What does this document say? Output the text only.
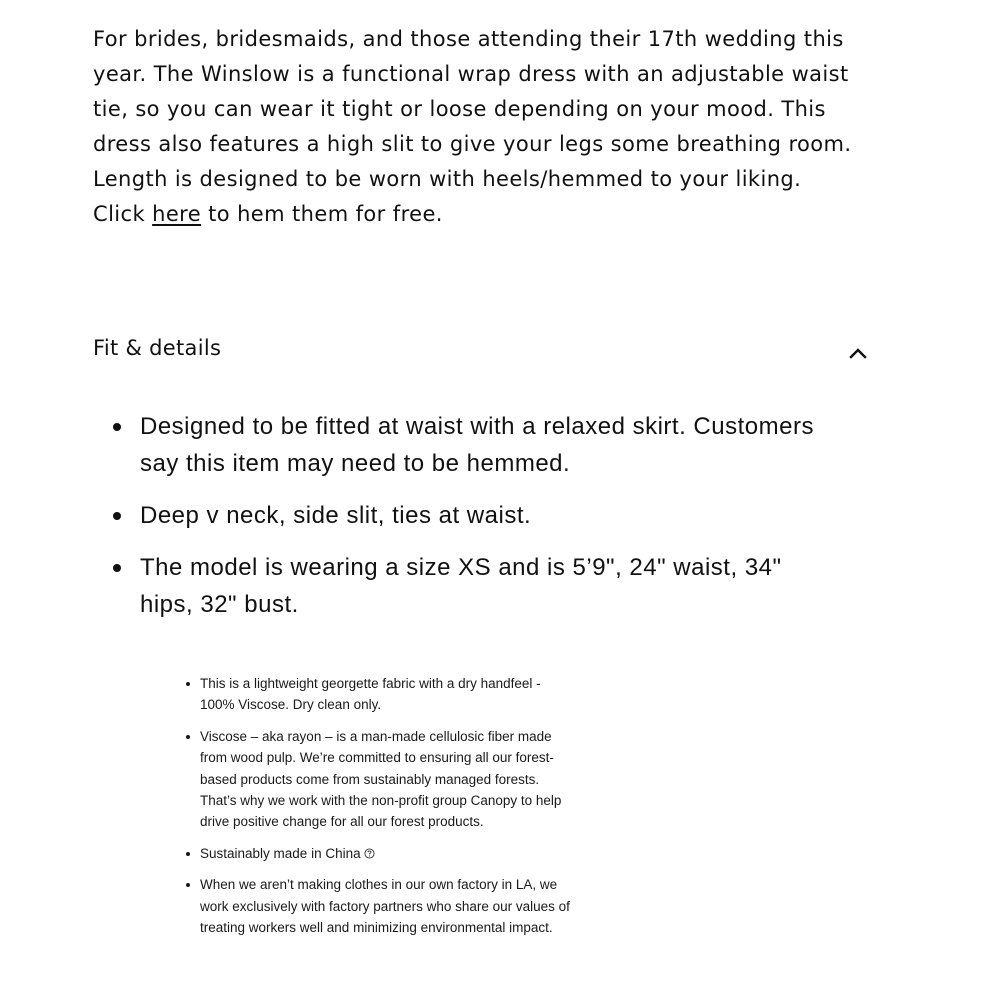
For brides, bridesmaids, and those attending their 17th wedding this
year. The Winslow is a functional wrap dress with an adjustable waist
tie, so you can wear it tight or loose depending on your mood. This
dress also features a high slit to give your legs some breathing room.
Length is designed to be worn with heels/hemmed to your liking.
Click here to hem them for free.
Fit & details
Designed to be fitted at waist with a relaxed skirt. Customers
say this item may need to be hemmed.
Deep v neck, side slit, ties at waist.
The model is wearing a size XS and is 5’9", 24" waist, 34"
hips, 32" bust.
This is a lightweight georgette fabric with a dry handfeel -
100% Viscose. Dry clean only.
Viscose – aka rayon – is a man-made cellulosic fiber made
from wood pulp. We’re committed to ensuring all our forest-
based products come from sustainably managed forests.
That’s why we work with the non-profit group Canopy to help
drive positive change for all our forest products.
Sustainably made in China
When we aren’t making clothes in our own factory in LA, we
work exclusively with factory partners who share our values of
treating workers well and minimizing environmental impact.
